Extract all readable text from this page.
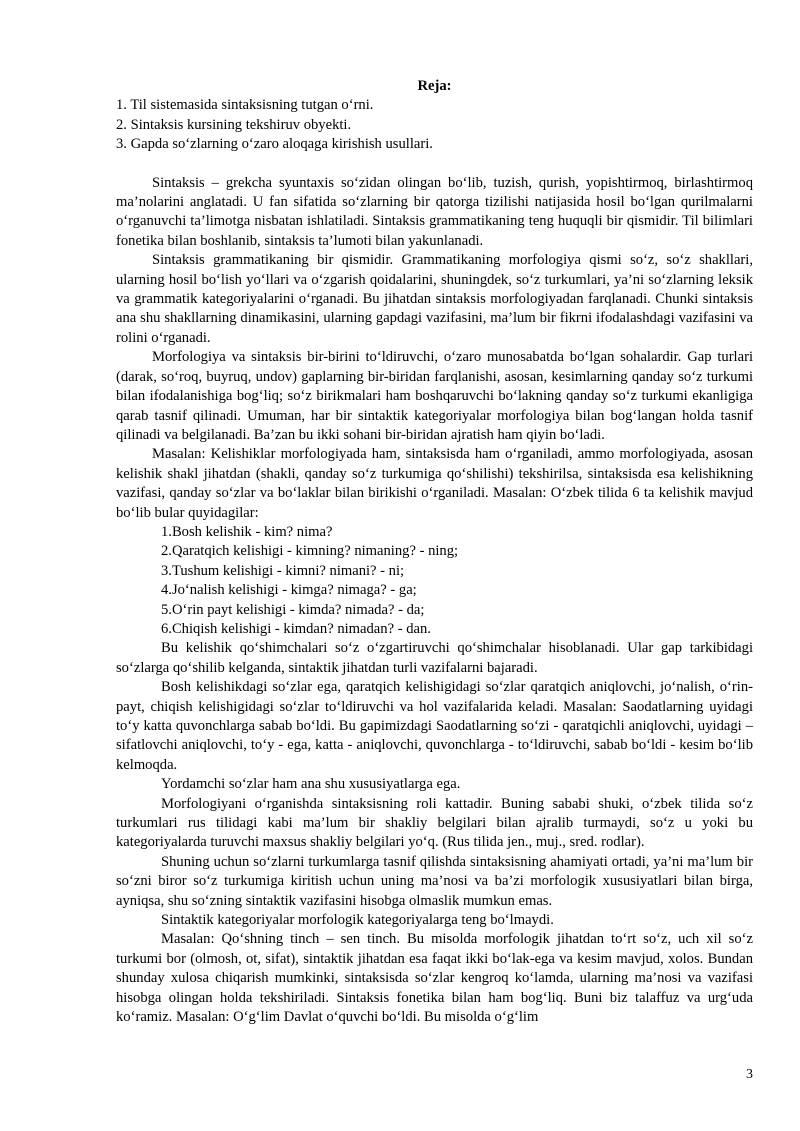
Reja:

1. Til sistemasida sintaksisning tutgan o‘rni.

2. Sintaksis kursining tekshiruv obyekti.

3. Gapda so‘zlarning o‘zaro aloqaga kirishish usullari.

Sintaksis – grekcha syuntaxis so‘zidan olingan bo‘lib, tuzish, qurish, yopishtirmoq, birlashtirmoq ma’nolarini anglatadi. U fan sifatida so‘zlarning bir qatorga tizilishi natijasida hosil bo‘lgan qurilmalarni o‘rganuvchi ta’limotga nisbatan ishlatiladi. Sintaksis grammatikaning teng huquqli bir qismidir. Til bilimlari fonetika bilan boshlanib, sintaksis ta’lumoti bilan yakunlanadi.

Sintaksis grammatikaning bir qismidir. Grammatikaning morfologiya qismi so‘z, so‘z shakllari, ularning hosil bo‘lish yo‘llari va o‘zgarish qoidalarini, shuningdek, so‘z turkumlari, ya’ni so‘zlarning leksik va grammatik kategoriyalarini o‘rganadi. Bu jihatdan sintaksis morfologiyadan farqlanadi. Chunki sintaksis ana shu shakllarning dinamikasini, ularning gapdagi vazifasini, ma’lum bir fikrni ifodalashdagi vazifasini va rolini o‘rganadi.

Morfologiya va sintaksis bir-birini to‘ldiruvchi, o‘zaro munosabatda bo‘lgan sohalardir. Gap turlari (darak, so‘roq, buyruq, undov) gaplarning bir-biridan farqlanishi, asosan, kesimlarning qanday so‘z turkumi bilan ifodalanishiga bog‘liq; so‘z birikmalari ham boshqaruvchi bo‘lakning qanday so‘z turkumi ekanligiga qarab tasnif qilinadi. Umuman, har bir sintaktik kategoriyalar morfologiya bilan bog‘langan holda tasnif qilinadi va belgilanadi. Ba’zan bu ikki sohani bir-biridan ajratish ham qiyin bo‘ladi.

Masalan: Kelishiklar morfologiyada ham, sintaksisda ham o‘rganiladi, ammo morfologiyada, asosan kelishik shakl jihatdan (shakli, qanday so‘z turkumiga qo‘shilishi) tekshirilsa, sintaksisda esa kelishikning vazifasi, qanday so‘zlar va bo‘laklar bilan birikishi o‘rganiladi. Masalan: O‘zbek tilida 6 ta kelishik mavjud bo‘lib bular quyidagilar:

1.Bosh kelishik - kim? nima?

2.Qaratqich kelishigi - kimning? nimaning? - ning;

3.Tushum kelishigi - kimni? nimani? - ni;

4.Jo‘nalish kelishigi - kimga? nimaga? - ga;

5.O‘rin payt kelishigi - kimda? nimada? - da;

6.Chiqish kelishigi - kimdan? nimadan? - dan.

Bu kelishik qo‘shimchalari so‘z o‘zgartiruvchi qo‘shimchalar hisoblanadi. Ular gap tarkibidagi so‘zlarga qo‘shilib kelganda, sintaktik jihatdan turli vazifalarni bajaradi.

Bosh kelishikdagi so‘zlar ega, qaratqich kelishigidagi so‘zlar qaratqich aniqlovchi, jo‘nalish, o‘rin-payt, chiqish kelishigidagi so‘zlar to‘ldiruvchi va hol vazifalarida keladi. Masalan: Saodatlarning uyidagi to‘y katta quvonchlarga sabab bo‘ldi. Bu gapimizdagi Saodatlarning so‘zi - qaratqichli aniqlovchi, uyidagi – sifatlovchi aniqlovchi, to‘y - ega, katta - aniqlovchi, quvonchlarga - to‘ldiruvchi, sabab bo‘ldi - kesim bo‘lib kelmoqda.

Yordamchi so‘zlar ham ana shu xususiyatlarga ega.

Morfologiyani o‘rganishda sintaksisning roli kattadir. Buning sababi shuki, o‘zbek tilida so‘z turkumlari rus tilidagi kabi ma’lum bir shakliy belgilari bilan ajralib turmaydi, so‘z u yoki bu kategoriyalarda turuvchi maxsus shakliy belgilari yo‘q. (Rus tilida jen., muj., sred. rodlar).

Shuning uchun so‘zlarni turkumlarga tasnif qilishda sintaksisning ahamiyati ortadi, ya’ni ma’lum bir so‘zni biror so‘z turkumiga kiritish uchun uning ma’nosi va ba’zi morfologik xususiyatlari bilan birga, ayniqsa, shu so‘zning sintaktik vazifasini hisobga olmaslik mumkun emas.

Sintaktik kategoriyalar morfologik kategoriyalarga teng bo‘lmaydi.

Masalan: Qo‘shning tinch – sen tinch. Bu misolda morfologik jihatdan to‘rt so‘z, uch xil so‘z turkumi bor (olmosh, ot, sifat), sintaktik jihatdan esa faqat ikki bo‘lak-ega va kesim mavjud, xolos. Bundan shunday xulosa chiqarish mumkinki, sintaksisda so‘zlar kengroq ko‘lamda, ularning ma’nosi va vazifasi hisobga olingan holda tekshiriladi. Sintaksis fonetika bilan ham bog‘liq. Buni biz talaffuz va urg‘uda ko‘ramiz. Masalan: O‘g‘lim Davlat o‘quvchi bo‘ldi. Bu misolda o‘g‘lim

3
